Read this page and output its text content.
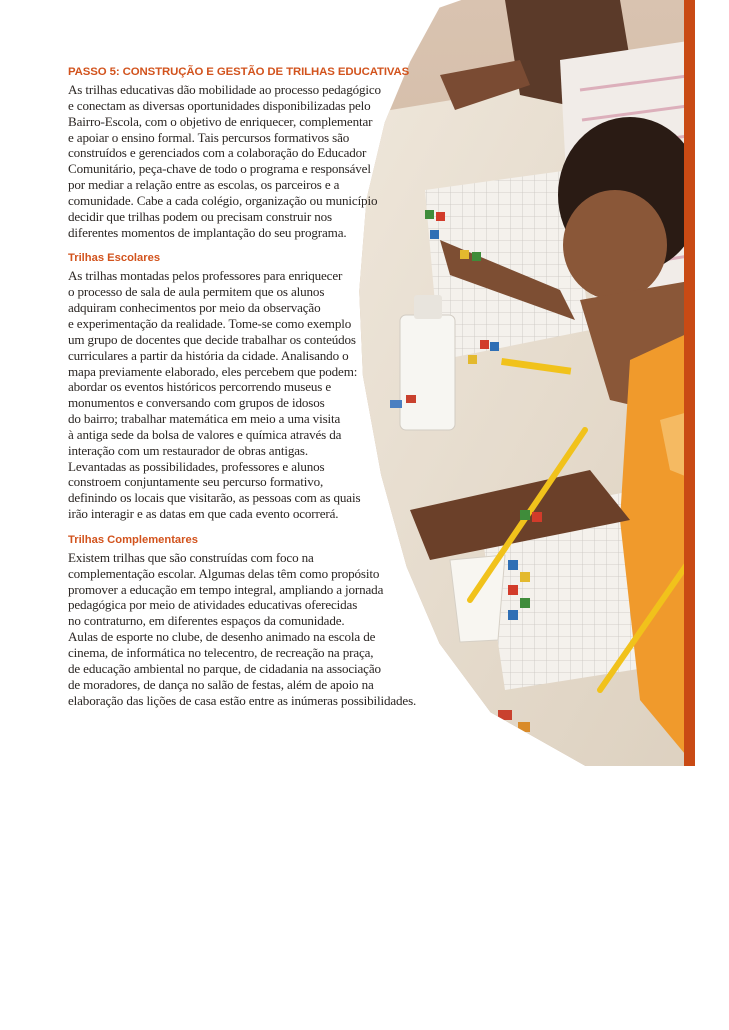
PASSO 5: CONSTRUÇÃO E GESTÃO DE TRILHAS EDUCATIVAS

As trilhas educativas dão mobilidade ao processo pedagógico
e conectam as diversas oportunidades disponibilizadas pelo
Bairro-Escola, com o objetivo de enriquecer, complementar
e apoiar o ensino formal. Tais percursos formativos são
construídos e gerenciados com a colaboração do Educador
Comunitário, peça-chave de todo o programa e responsável
por mediar a relação entre as escolas, os parceiros e a
comunidade. Cabe a cada colégio, organização ou município
decidir que trilhas podem ou precisam construir nos
diferentes momentos de implantação do seu programa.

Trilhas Escolares

As trilhas montadas pelos professores para enriquecer
o processo de sala de aula permitem que os alunos
adquiram conhecimentos por meio da observação
e experimentação da realidade. Tome-se como exemplo
um grupo de docentes que decide trabalhar os conteúdos
curriculares a partir da história da cidade. Analisando o
mapa previamente elaborado, eles percebem que podem:
abordar os eventos históricos percorrendo museus e
monumentos e conversando com grupos de idosos
do bairro; trabalhar matemática em meio a uma visita
à antiga sede da bolsa de valores e química através da
interação com um restaurador de obras antigas.
Levantadas as possibilidades, professores e alunos
constroem conjuntamente seu percurso formativo,
definindo os locais que visitarão, as pessoas com as quais
irão interagir e as datas em que cada evento ocorrerá.

Trilhas Complementares

Existem trilhas que são construídas com foco na
complementação escolar. Algumas delas têm como propósito
promover a educação em tempo integral, ampliando a jornada
pedagógica por meio de atividades educativas oferecidas
no contraturno, em diferentes espaços da comunidade.
Aulas de esporte no clube, de desenho animado na escola de
cinema, de informática no telecentro, de recreação na praça,
de educação ambiental no parque, de cidadania na associação
de moradores, de dança no salão de festas, além de apoio na
elaboração das lições de casa estão entre as inúmeras possibilidades.
